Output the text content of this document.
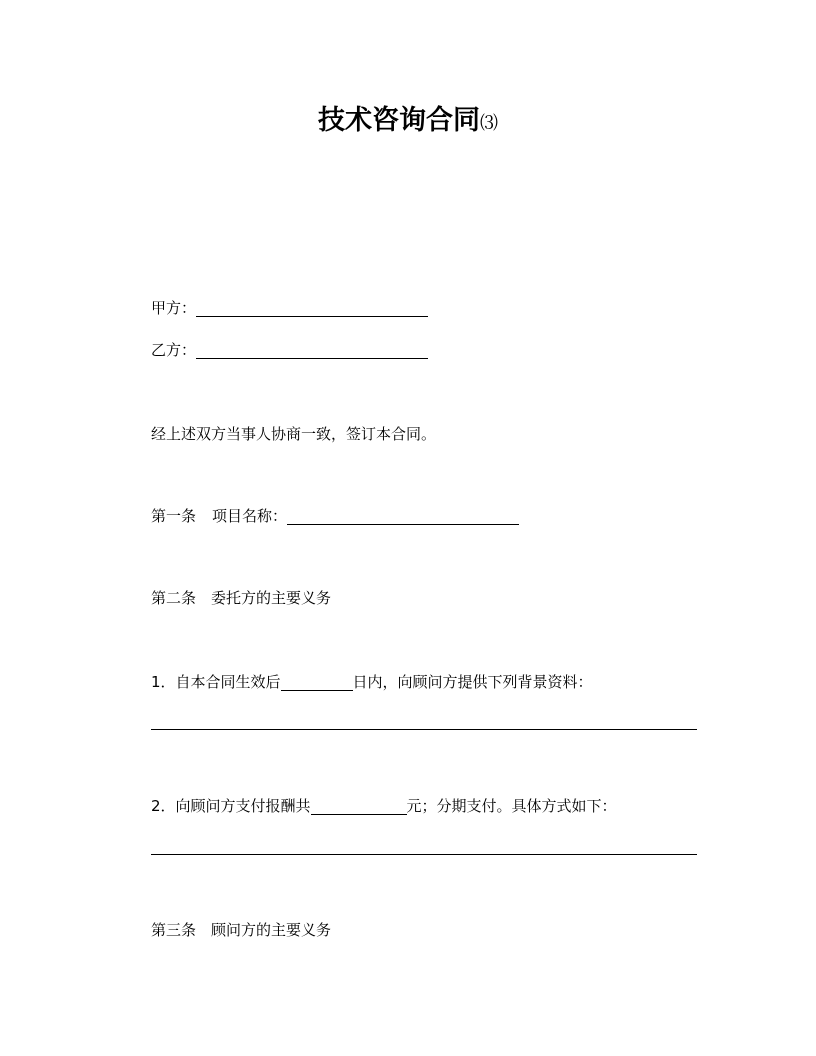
技术咨询合同⑶
甲方：
乙方：
经上述双方当事人协商一致，签订本合同。
第一条 项目名称：
第二条　委托方的主要义务
1．自本合同生效后	日内，向顾问方提供下列背景资料：
2．向顾问方支付报酬共	元；分期支付。具体方式如下：
第三条　顾问方的主要义务
